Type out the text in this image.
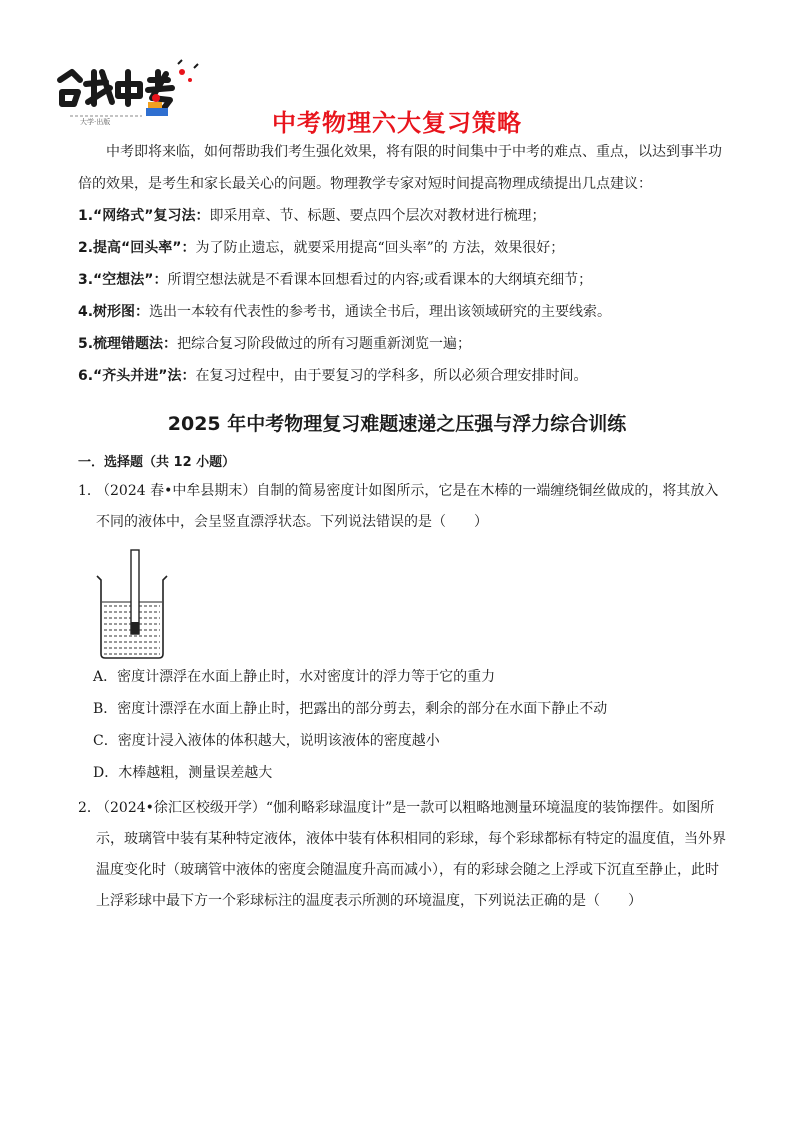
大学·出版	中考物理六大复习策略
中考即将来临，如何帮助我们考生强化效果，将有限的时间集中于中考的难点、重点，以达到事半功倍的效果，是考生和家长最关心的问题。物理教学专家对短时间提高物理成绩提出几点建议：
1.“网络式”复习法：即采用章、节、标题、要点四个层次对教材进行梳理；
2.提高“回头率”：为了防止遗忘，就要采用提高“回头率”的 方法，效果很好；
3.“空想法”：所谓空想法就是不看课本回想看过的内容;或看课本的大纲填充细节；
4.树形图：选出一本较有代表性的参考书，通读全书后，理出该领域研究的主要线索。
5.梳理错题法：把综合复习阶段做过的所有习题重新浏览一遍；
6.“齐头并进”法：在复习过程中，由于要复习的学科多，所以必须合理安排时间。
2025 年中考物理复习难题速递之压强与浮力综合训练
一．选择题（共 12 小题）
1．
（2024 春•中牟县期末）自制的简易密度计如图所示，它是在木棒的一端缠绕铜丝做成的，将其放入不同的液体中，会呈竖直漂浮状态。下列说法错误的是（　　）
A．密度计漂浮在水面上静止时，水对密度计的浮力等于它的重力
B．密度计漂浮在水面上静止时，把露出的部分剪去，剩余的部分在水面下静止不动
C．密度计浸入液体的体积越大，说明该液体的密度越小
D．木棒越粗，测量误差越大
2．
（2024•徐汇区校级开学）“伽利略彩球温度计”是一款可以粗略地测量环境温度的装饰摆件。如图所示，玻璃管中装有某种特定液体，液体中装有体积相同的彩球，每个彩球都标有特定的温度值，当外界温度变化时（玻璃管中液体的密度会随温度升高而减小），有的彩球会随之上浮或下沉直至静止，此时上浮彩球中最下方一个彩球标注的温度表示所测的环境温度，下列说法正确的是（　　）
